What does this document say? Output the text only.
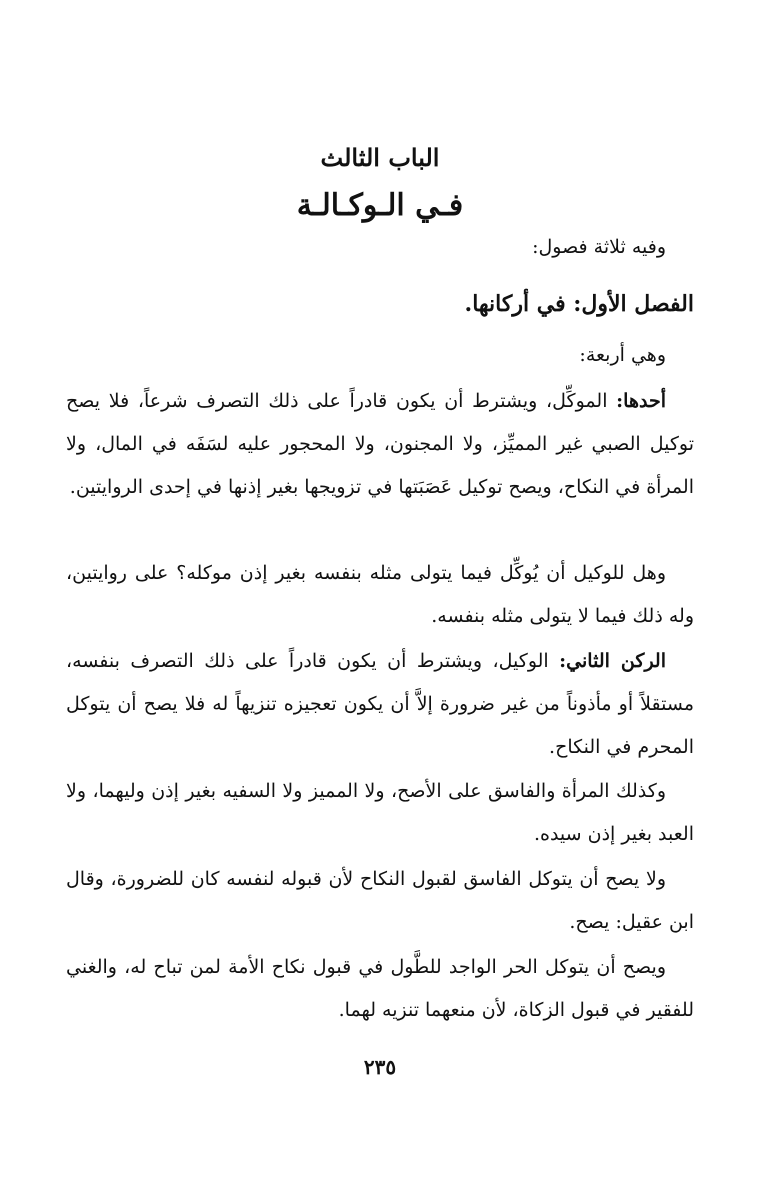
الباب الثالث
فـي الـوكـالـة
وفيه ثلاثة فصول:
الفصل الأول: في أركانها.
وهي أربعة:

أحدها: الموكِّل، ويشترط أن يكون قادراً على ذلك التصرف شرعاً، فلا يصح توكيل الصبي غير المميِّز، ولا المجنون، ولا المحجور عليه لسَفَه في المال، ولا المرأة في النكاح، ويصح توكيل عَصَبَتها في تزويجها بغير إذنها في إحدى الروايتين.

وهل للوكيل أن يُوكِّل فيما يتولى مثله بنفسه بغير إذن موكله؟ على روايتين، وله ذلك فيما لا يتولى مثله بنفسه.

الركن الثاني: الوكيل، ويشترط أن يكون قادراً على ذلك التصرف بنفسه، مستقلاً أو مأذوناً من غير ضرورة إلاَّ أن يكون تعجيزه تنزيهاً له فلا يصح أن يتوكل المحرم في النكاح.

وكذلك المرأة والفاسق على الأصح، ولا المميز ولا السفيه بغير إذن وليهما، ولا العبد بغير إذن سيده.

ولا يصح أن يتوكل الفاسق لقبول النكاح لأن قبوله لنفسه كان للضرورة، وقال ابن عقيل: يصح.

ويصح أن يتوكل الحر الواجد للطَّول في قبول نكاح الأمة لمن تباح له، والغني للفقير في قبول الزكاة، لأن منعهما تنزيه لهما.

٢٣٥
